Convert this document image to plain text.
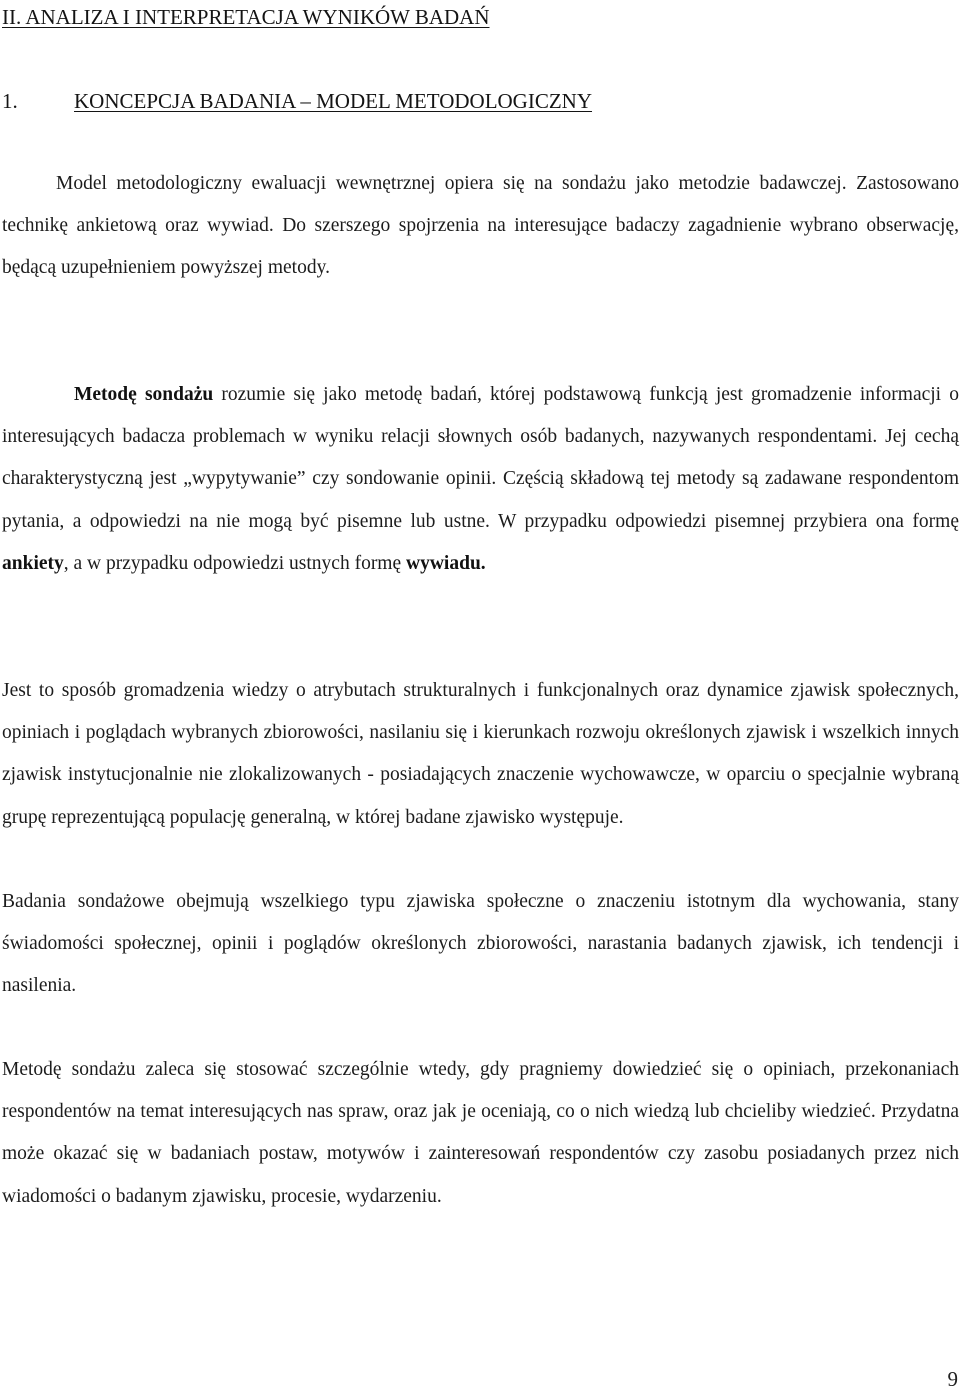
II. ANALIZA I INTERPRETACJA WYNIKÓW BADAŃ
1.	KONCEPCJA BADANIA – MODEL METODOLOGICZNY

Model metodologiczny ewaluacji wewnętrznej opiera się na sondażu jako metodzie badawczej. Zastosowano technikę ankietową oraz wywiad. Do szerszego spojrzenia na interesujące badaczy zagadnienie wybrano obserwację, będącą uzupełnieniem powyższej metody.

Metodę sondażu rozumie się jako metodę badań, której podstawową funkcją jest gromadzenie informacji o interesujących badacza problemach w wyniku relacji słownych osób badanych, nazywanych respondentami. Jej cechą charakterystyczną jest „wypytywanie” czy sondowanie opinii. Częścią składową tej metody są zadawane respondentom pytania, a odpowiedzi na nie mogą być pisemne lub ustne. W przypadku odpowiedzi pisemnej przybiera ona formę ankiety, a w przypadku odpowiedzi ustnych formę wywiadu.

Jest to sposób gromadzenia wiedzy o atrybutach strukturalnych i funkcjonalnych oraz dynamice zjawisk społecznych, opiniach i poglądach wybranych zbiorowości, nasilaniu się i kierunkach rozwoju określonych zjawisk i wszelkich innych zjawisk instytucjonalnie nie zlokalizowanych - posiadających znaczenie wychowawcze, w oparciu o specjalnie wybraną grupę reprezentującą populację generalną, w której badane zjawisko występuje.

Badania sondażowe obejmują wszelkiego typu zjawiska społeczne o znaczeniu istotnym dla wychowania, stany świadomości społecznej, opinii i poglądów określonych zbiorowości, narastania badanych zjawisk, ich tendencji i nasilenia.

Metodę sondażu zaleca się stosować szczególnie wtedy, gdy pragniemy dowiedzieć się o opiniach, przekonaniach respondentów na temat interesujących nas spraw, oraz jak je oceniają, co o nich wiedzą lub chcieliby wiedzieć. Przydatna może okazać się w badaniach postaw, motywów i zainteresowań respondentów czy zasobu posiadanych przez nich wiadomości o badanym zjawisku, procesie, wydarzeniu.

9
